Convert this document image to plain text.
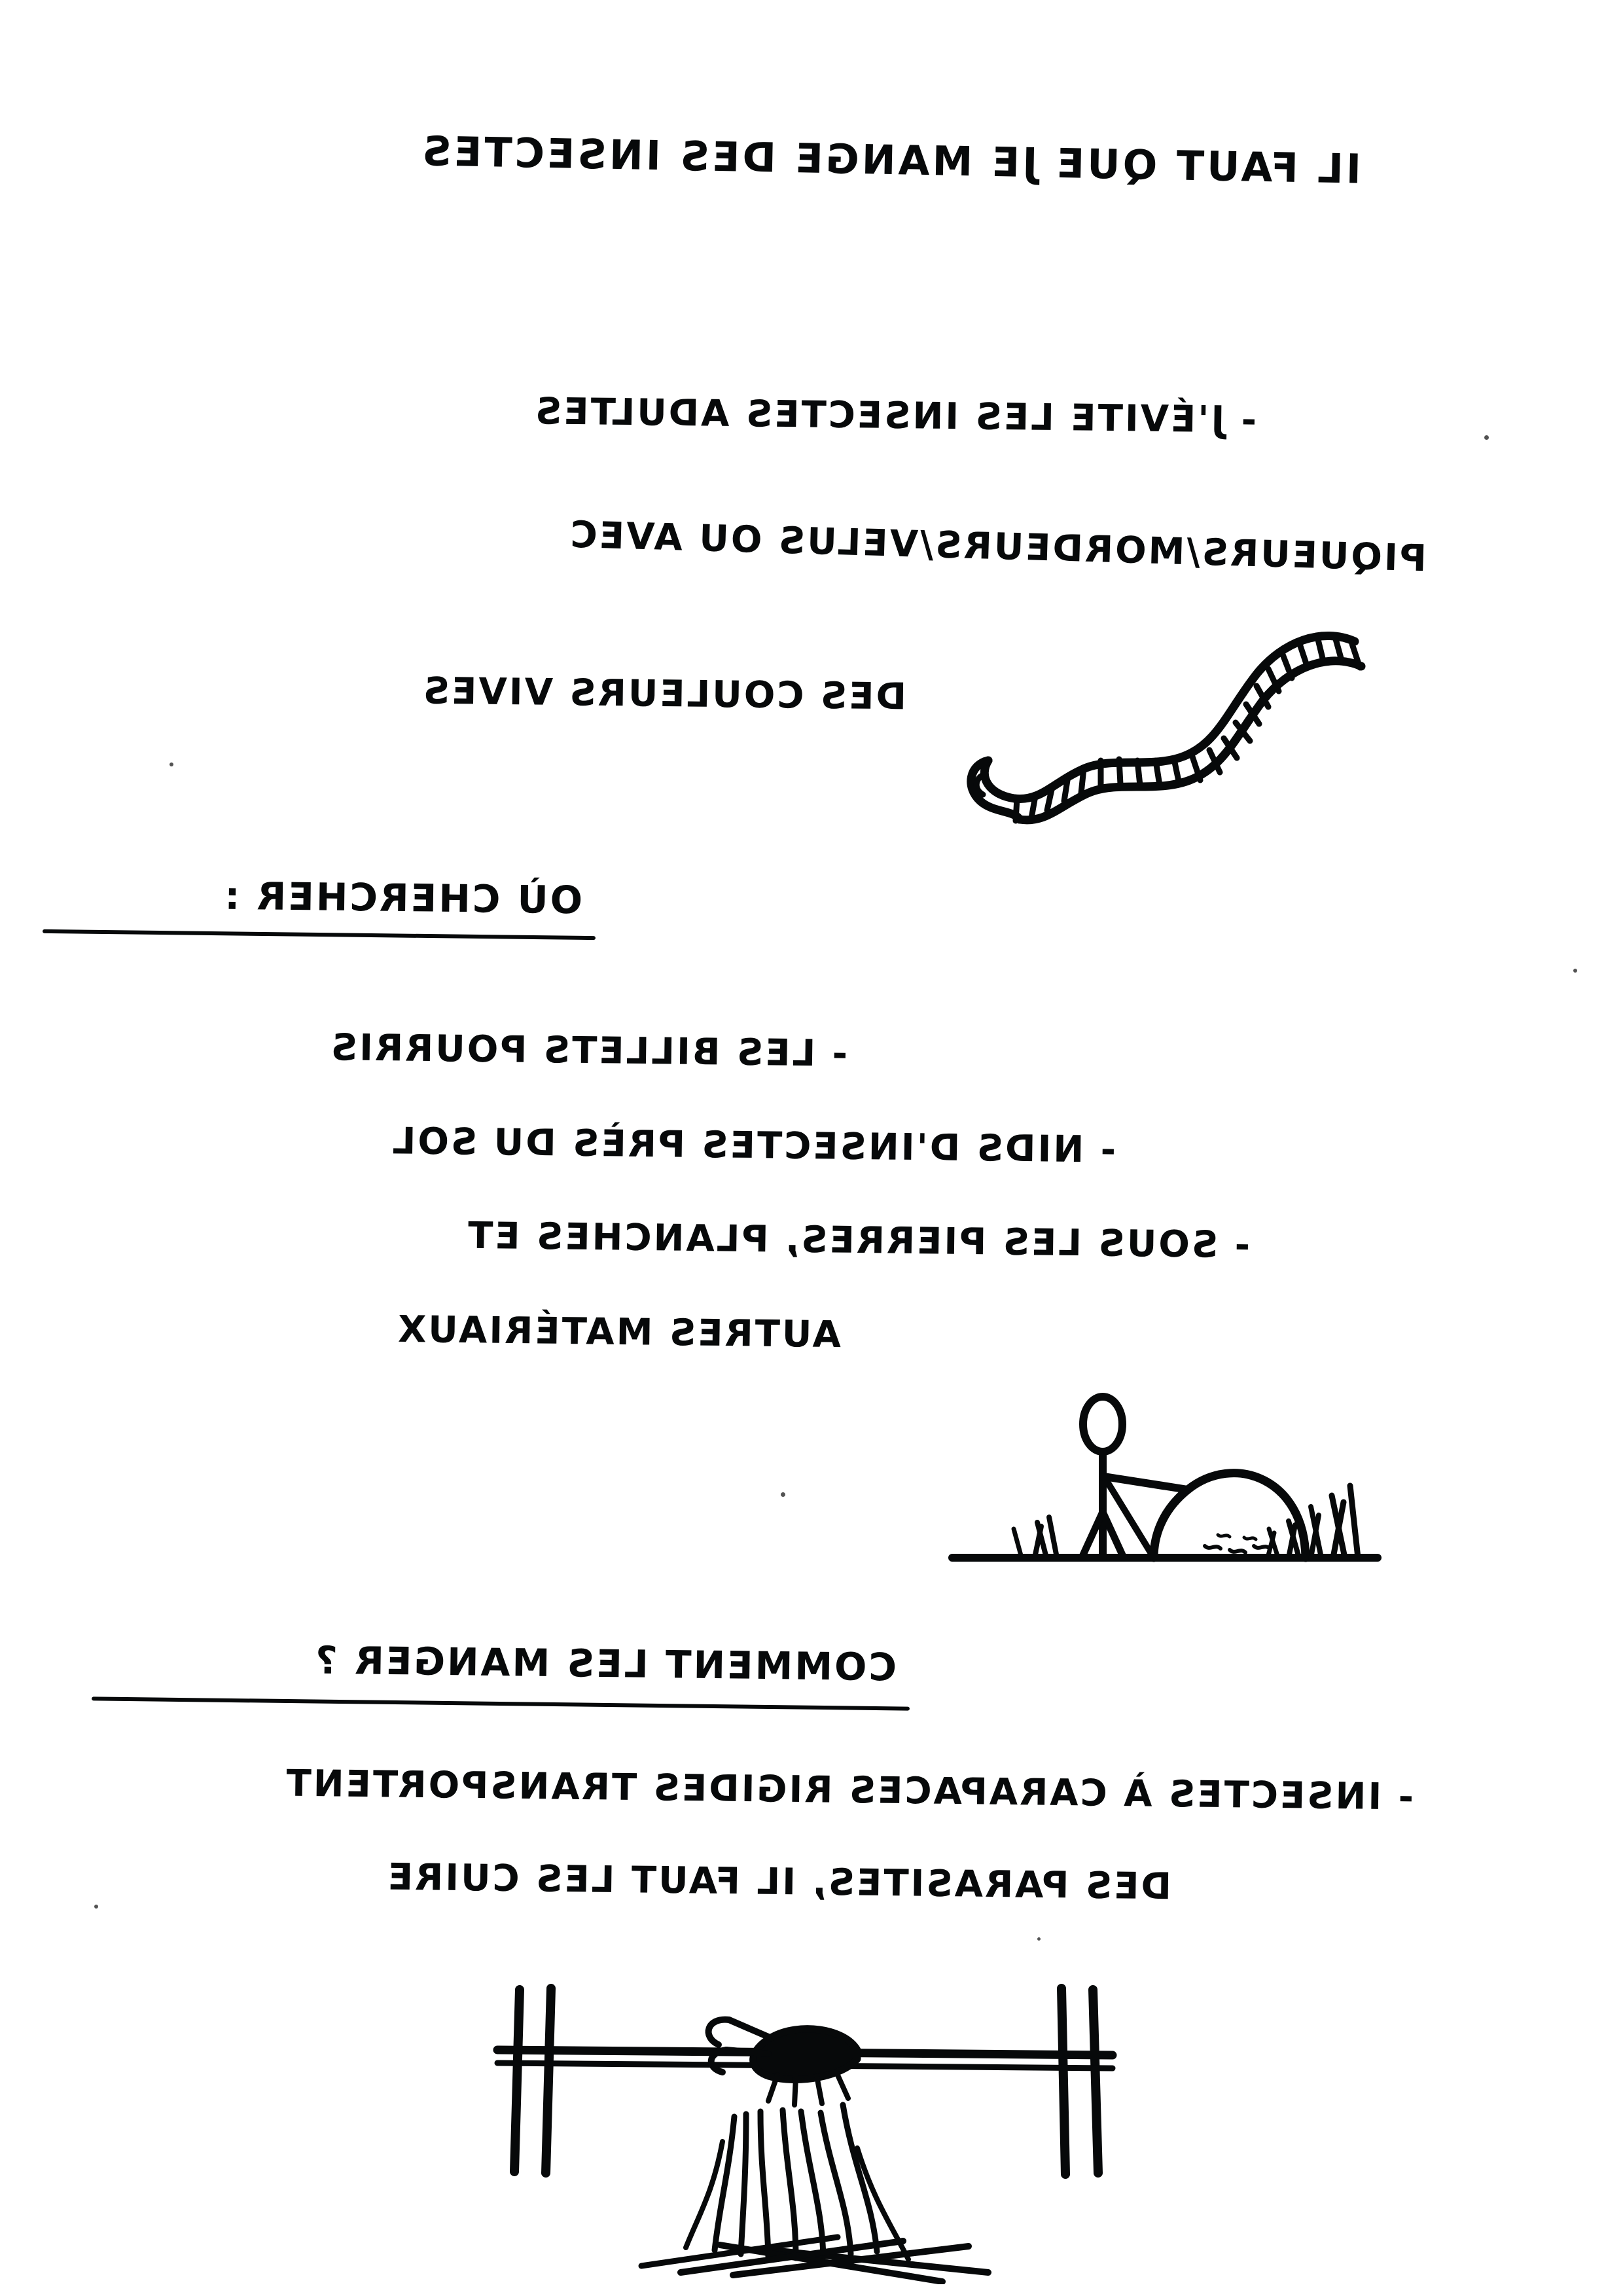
IL FAUT QUE JE MANGE DES INSECTES
- J'ÉVITE LES INSECTES ADULTES
PIQUEURS/MORDEURS/VELUS OU AVEC
DES COULEURS VIVES
OÙ CHERCHER :
- LES BILLETS POURRIS
- NIDS D'INSECTES PRÈS DU SOL
- SOUS LES PIERRES, PLANCHES ET
AUTRES MATÉRIAUX
COMMENT LES MANGER ?
- INSECTES À CARAPACES RIGIDES TRANSPORTENT
DES PARASITES, IL FAUT LES CUIRE
